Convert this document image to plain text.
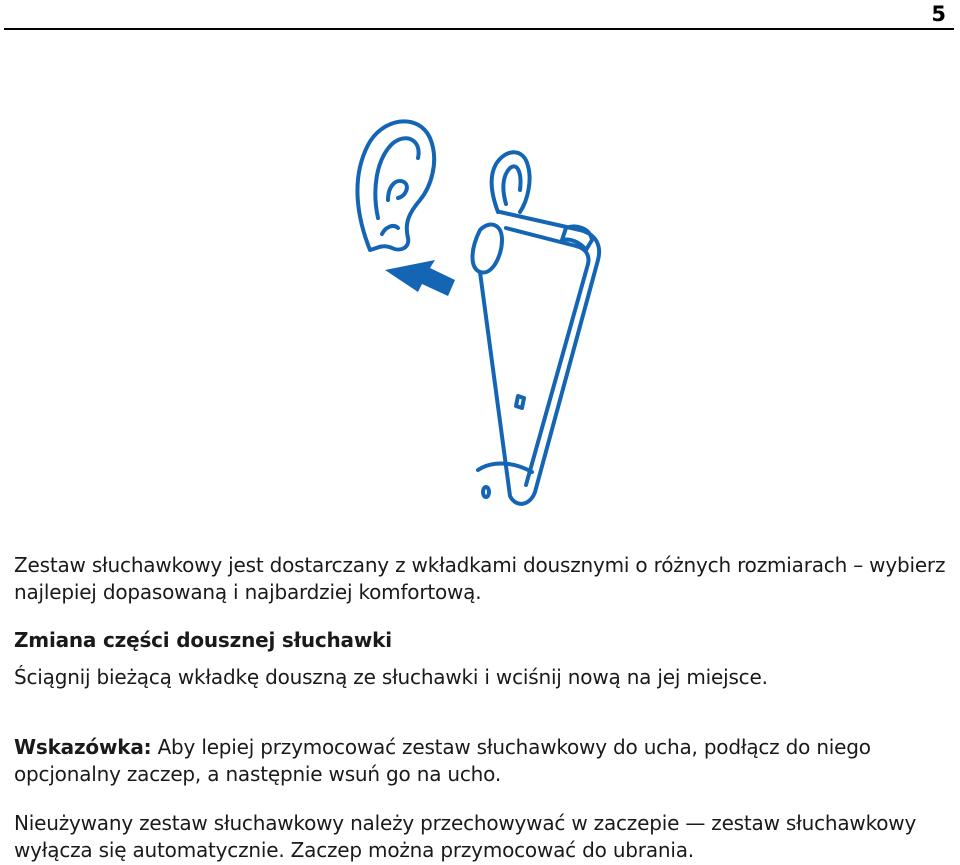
5
Zestaw słuchawkowy jest dostarczany z wkładkami dousznymi o różnych rozmiarach – wybierz najlepiej dopasowaną i najbardziej komfortową.
Zmiana części dousznej słuchawki
Ściągnij bieżącą wkładkę douszną ze słuchawki i wciśnij nową na jej miejsce.
Wskazówka: Aby lepiej przymocować zestaw słuchawkowy do ucha, podłącz do niego opcjonalny zaczep, a następnie wsuń go na ucho.
Nieużywany zestaw słuchawkowy należy przechowywać w zaczepie — zestaw słuchawkowy wyłącza się automatycznie. Zaczep można przymocować do ubrania.
